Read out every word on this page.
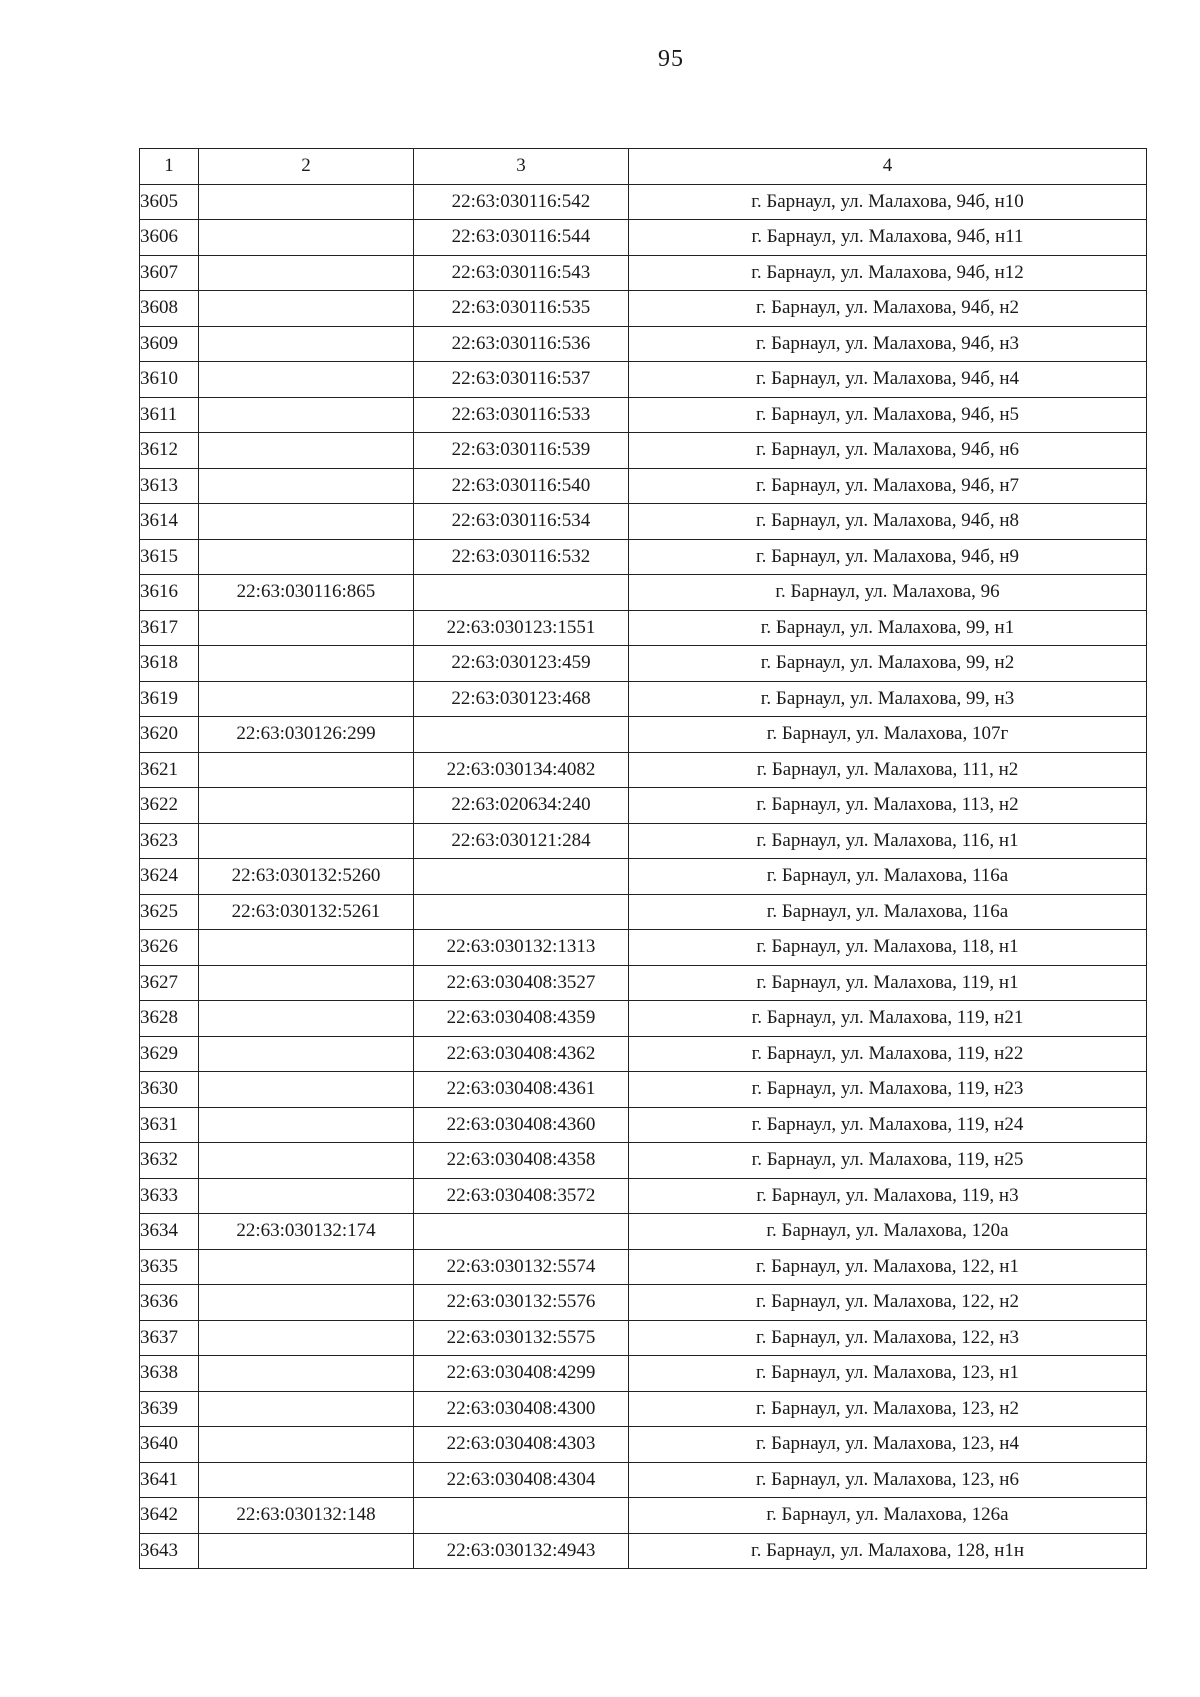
95
1	2	3	4
3605		22:63:030116:542	г. Барнаул, ул. Малахова, 94б, н10
3606		22:63:030116:544	г. Барнаул, ул. Малахова, 94б, н11
3607		22:63:030116:543	г. Барнаул, ул. Малахова, 94б, н12
3608		22:63:030116:535	г. Барнаул, ул. Малахова, 94б, н2
3609		22:63:030116:536	г. Барнаул, ул. Малахова, 94б, н3
3610		22:63:030116:537	г. Барнаул, ул. Малахова, 94б, н4
3611		22:63:030116:533	г. Барнаул, ул. Малахова, 94б, н5
3612		22:63:030116:539	г. Барнаул, ул. Малахова, 94б, н6
3613		22:63:030116:540	г. Барнаул, ул. Малахова, 94б, н7
3614		22:63:030116:534	г. Барнаул, ул. Малахова, 94б, н8
3615		22:63:030116:532	г. Барнаул, ул. Малахова, 94б, н9
3616	22:63:030116:865		г. Барнаул, ул. Малахова, 96
3617		22:63:030123:1551	г. Барнаул, ул. Малахова, 99, н1
3618		22:63:030123:459	г. Барнаул, ул. Малахова, 99, н2
3619		22:63:030123:468	г. Барнаул, ул. Малахова, 99, н3
3620	22:63:030126:299		г. Барнаул, ул. Малахова, 107г
3621		22:63:030134:4082	г. Барнаул, ул. Малахова, 111, н2
3622		22:63:020634:240	г. Барнаул, ул. Малахова, 113, н2
3623		22:63:030121:284	г. Барнаул, ул. Малахова, 116, н1
3624	22:63:030132:5260		г. Барнаул, ул. Малахова, 116а
3625	22:63:030132:5261		г. Барнаул, ул. Малахова, 116а
3626		22:63:030132:1313	г. Барнаул, ул. Малахова, 118, н1
3627		22:63:030408:3527	г. Барнаул, ул. Малахова, 119, н1
3628		22:63:030408:4359	г. Барнаул, ул. Малахова, 119, н21
3629		22:63:030408:4362	г. Барнаул, ул. Малахова, 119, н22
3630		22:63:030408:4361	г. Барнаул, ул. Малахова, 119, н23
3631		22:63:030408:4360	г. Барнаул, ул. Малахова, 119, н24
3632		22:63:030408:4358	г. Барнаул, ул. Малахова, 119, н25
3633		22:63:030408:3572	г. Барнаул, ул. Малахова, 119, н3
3634	22:63:030132:174		г. Барнаул, ул. Малахова, 120а
3635		22:63:030132:5574	г. Барнаул, ул. Малахова, 122, н1
3636		22:63:030132:5576	г. Барнаул, ул. Малахова, 122, н2
3637		22:63:030132:5575	г. Барнаул, ул. Малахова, 122, н3
3638		22:63:030408:4299	г. Барнаул, ул. Малахова, 123, н1
3639		22:63:030408:4300	г. Барнаул, ул. Малахова, 123, н2
3640		22:63:030408:4303	г. Барнаул, ул. Малахова, 123, н4
3641		22:63:030408:4304	г. Барнаул, ул. Малахова, 123, н6
3642	22:63:030132:148		г. Барнаул, ул. Малахова, 126а
3643		22:63:030132:4943	г. Барнаул, ул. Малахова, 128, н1н
